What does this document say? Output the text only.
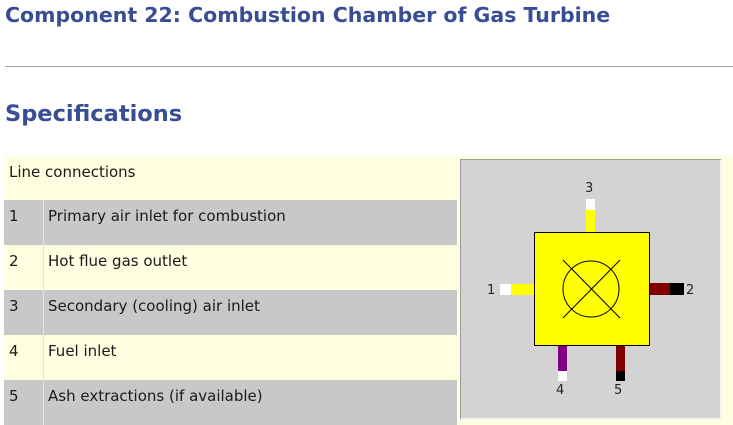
Component 22: Combustion Chamber of Gas Turbine
Specifications
Line connections
1 Primary air inlet for combustion
2 Hot flue gas outlet
3 Secondary (cooling) air inlet
4 Fuel inlet
5 Ash extractions (if available)
3
1	2
4	5
